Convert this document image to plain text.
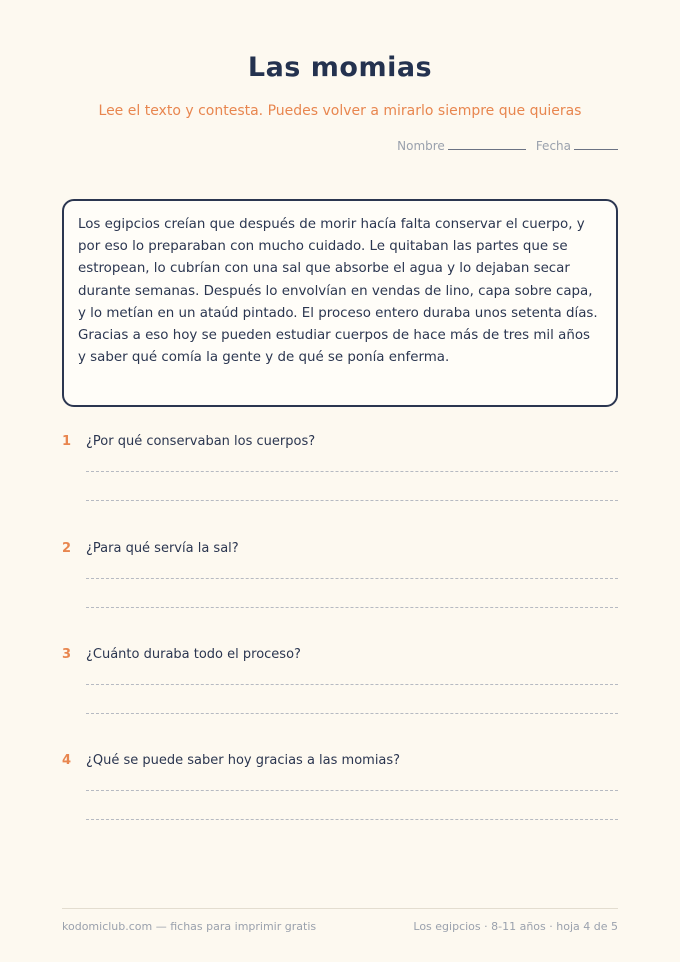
Las momias
Lee el texto y contesta. Puedes volver a mirarlo siempre que quieras
Nombre	Fecha
Los egipcios creían que después de morir hacía falta conservar el cuerpo, y por eso lo preparaban con mucho cuidado. Le quitaban las partes que se estropean, lo cubrían con una sal que absorbe el agua y lo dejaban secar durante semanas. Después lo envolvían en vendas de lino, capa sobre capa, y lo metían en un ataúd pintado. El proceso entero duraba unos setenta días. Gracias a eso hoy se pueden estudiar cuerpos de hace más de tres mil años y saber qué comía la gente y de qué se ponía enferma.
1	¿Por qué conservaban los cuerpos?
2	¿Para qué servía la sal?
3	¿Cuánto duraba todo el proceso?
4	¿Qué se puede saber hoy gracias a las momias?
kodomiclub.com — fichas para imprimir gratis	Los egipcios · 8-11 años · hoja 4 de 5
